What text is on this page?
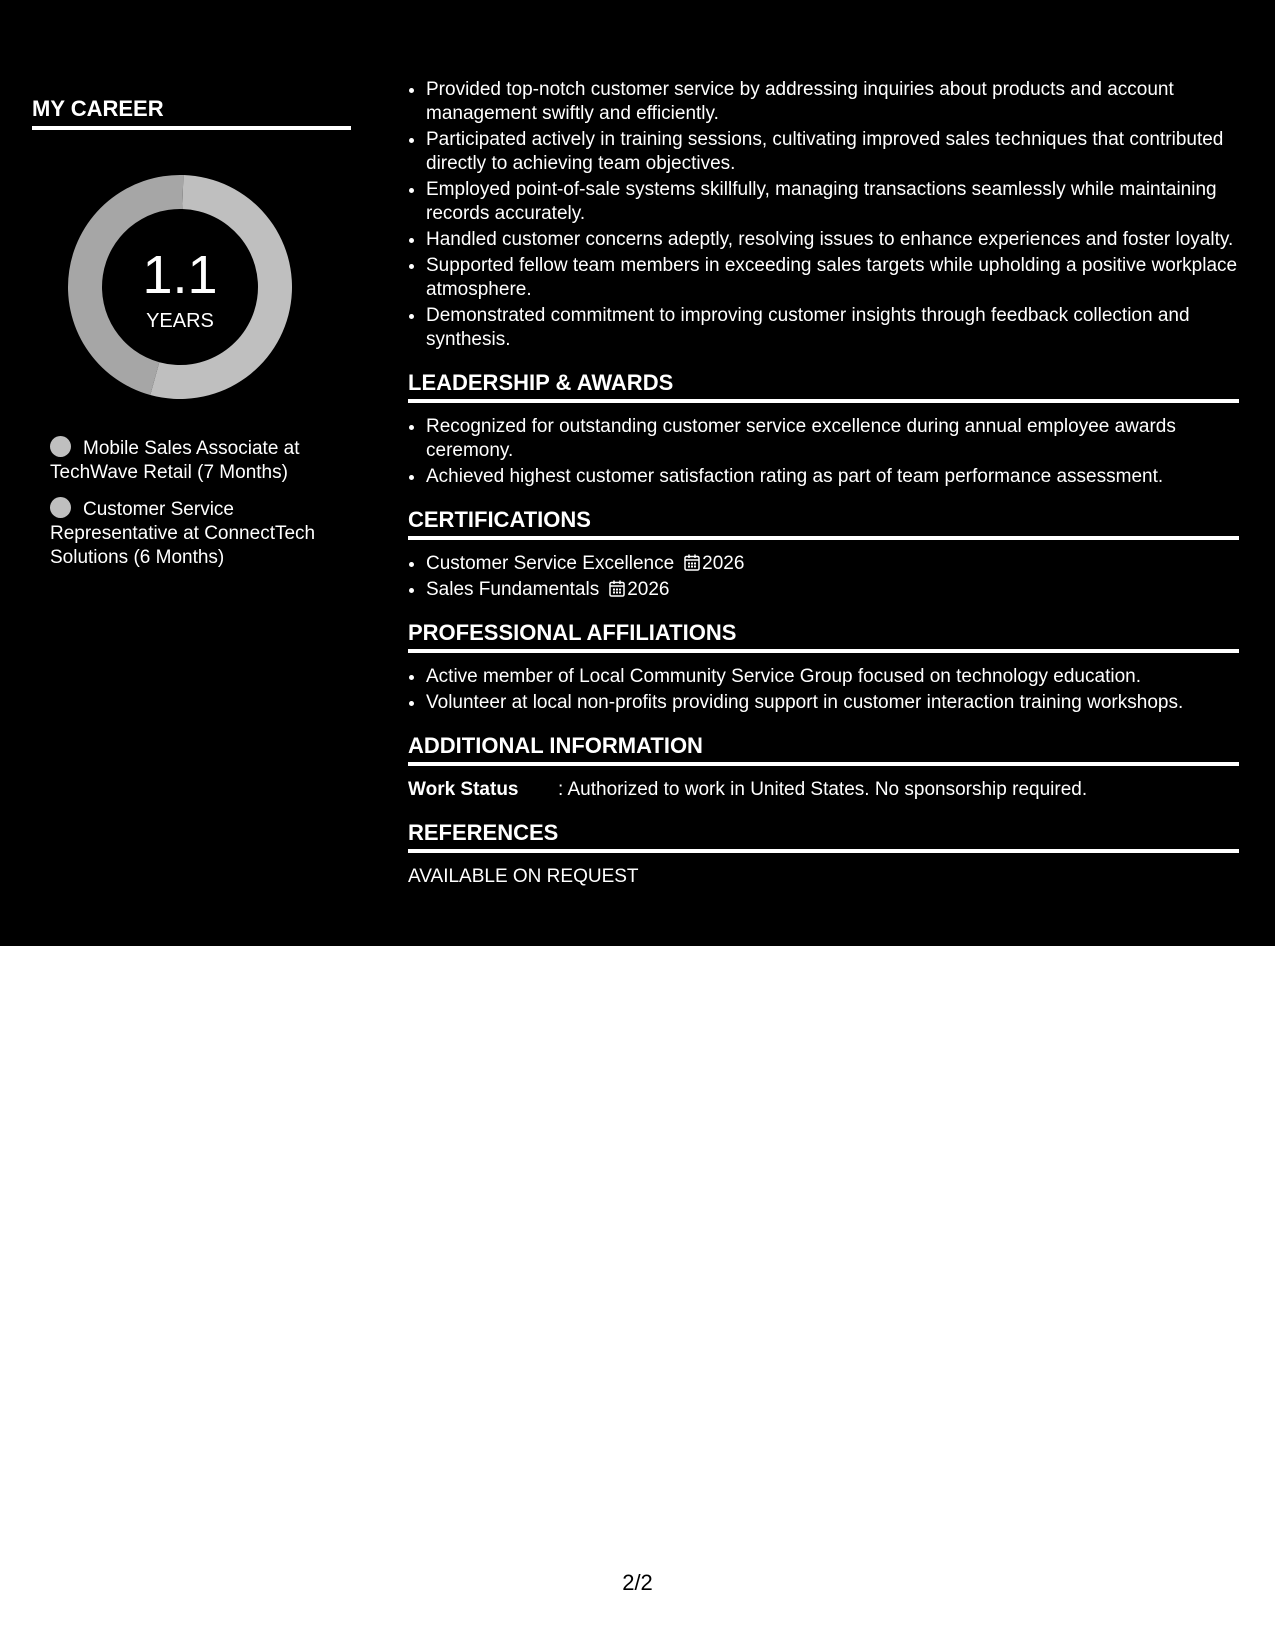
MY CAREER
1.1
YEARS
Mobile Sales Associate at TechWave Retail (7 Months)
Customer Service Representative at ConnectTech Solutions (6 Months)
• Provided top-notch customer service by addressing inquiries about products and account management swiftly and efficiently.
• Participated actively in training sessions, cultivating improved sales techniques that contributed directly to achieving team objectives.
• Employed point-of-sale systems skillfully, managing transactions seamlessly while maintaining records accurately.
• Handled customer concerns adeptly, resolving issues to enhance experiences and foster loyalty.
• Supported fellow team members in exceeding sales targets while upholding a positive workplace atmosphere.
• Demonstrated commitment to improving customer insights through feedback collection and synthesis.
LEADERSHIP & AWARDS
• Recognized for outstanding customer service excellence during annual employee awards ceremony.
• Achieved highest customer satisfaction rating as part of team performance assessment.
CERTIFICATIONS
• Customer Service Excellence 2026
• Sales Fundamentals 2026
PROFESSIONAL AFFILIATIONS
• Active member of Local Community Service Group focused on technology education.
• Volunteer at local non-profits providing support in customer interaction training workshops.
ADDITIONAL INFORMATION
Work Status : Authorized to work in United States. No sponsorship required.
REFERENCES
AVAILABLE ON REQUEST
2/2
